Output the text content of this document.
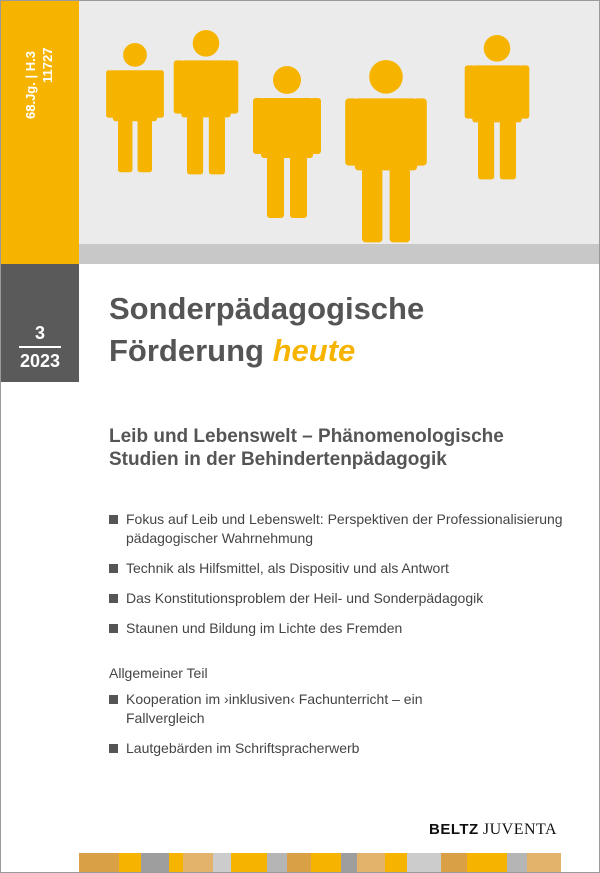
68.Jg. | H.3 11727
3
2023
Sonderpädagogische
Förderung heute
Leib und Lebenswelt – Phänomenologische Studien in der Behindertenpädagogik
Fokus auf Leib und Lebenswelt: Perspektiven der Professionalisierung pädagogischer Wahrnehmung
Technik als Hilfsmittel, als Dispositiv und als Antwort
Das Konstitutionsproblem der Heil- und Sonderpädagogik
Staunen und Bildung im Lichte des Fremden

Allgemeiner Teil

Kooperation im ›inklusiven‹ Fachunterricht – ein Fallvergleich
Lautgebärden im Schriftspracherwerb
BELTZ JUVENTA
